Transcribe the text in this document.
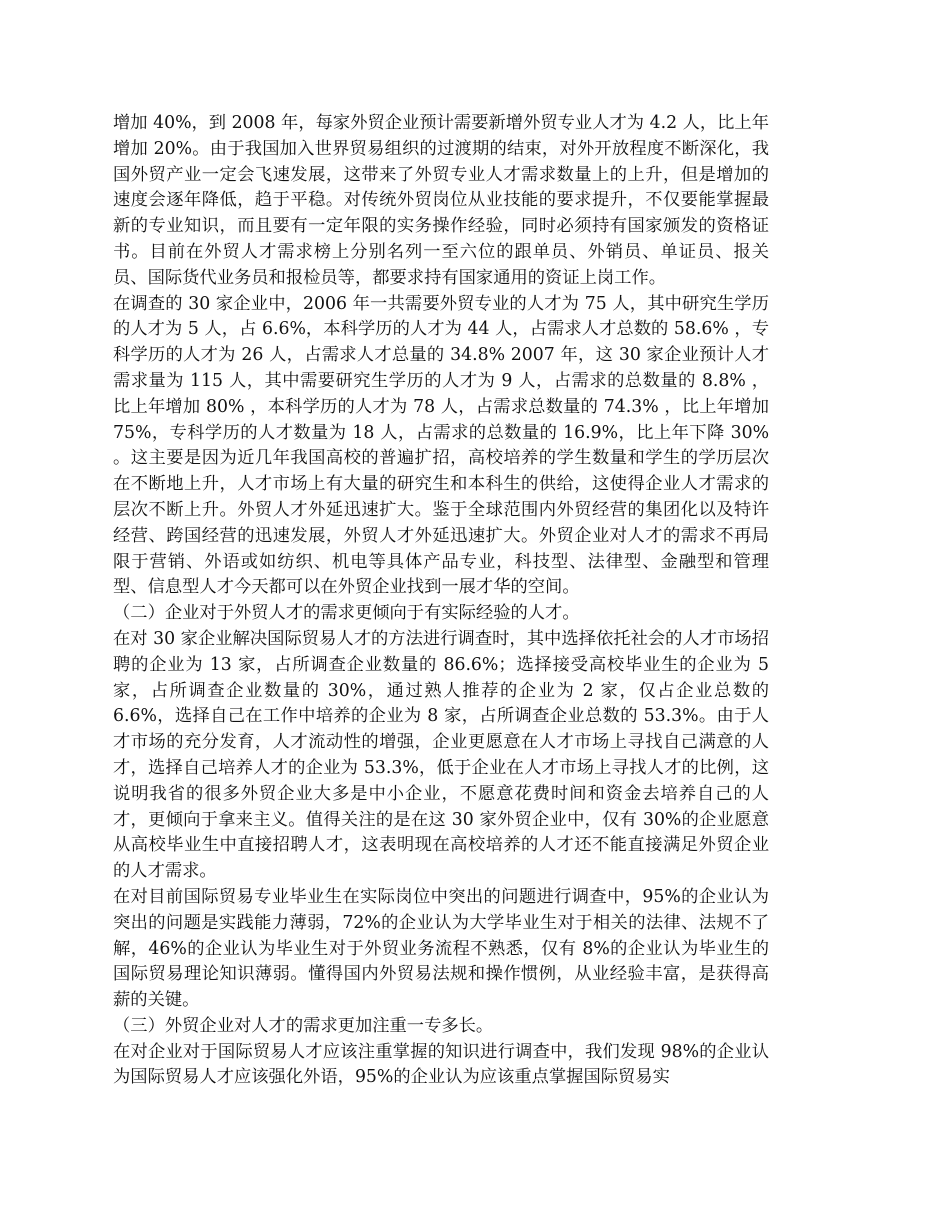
增加 40%，到 2008 年，每家外贸企业预计需要新增外贸专业人才为 4.2 人，比上年增加 20%。由于我国加入世界贸易组织的过渡期的结束，对外开放程度不断深化，我国外贸产业一定会飞速发展，这带来了外贸专业人才需求数量上的上升，但是增加的速度会逐年降低，趋于平稳。对传统外贸岗位从业技能的要求提升，不仅要能掌握最新的专业知识，而且要有一定年限的实务操作经验，同时必须持有国家颁发的资格证书。目前在外贸人才需求榜上分别名列一至六位的跟单员、外销员、单证员、报关员、国际货代业务员和报检员等，都要求持有国家通用的资证上岗工作。

在调查的 30 家企业中，2006 年一共需要外贸专业的人才为 75 人，其中研究生学历的人才为 5 人，占 6.6%，本科学历的人才为 44 人，占需求人才总数的 58.6% ，专科学历的人才为 26 人，占需求人才总量的 34.8% 2007 年，这 30 家企业预计人才需求量为 115 人，其中需要研究生学历的人才为 9 人，占需求的总数量的 8.8% ，比上年增加 80% ，本科学历的人才为 78 人，占需求总数量的 74.3% ，比上年增加 75%，专科学历的人才数量为 18 人，占需求的总数量的 16.9%，比上年下降 30% 。这主要是因为近几年我国高校的普遍扩招，高校培养的学生数量和学生的学历层次在不断地上升，人才市场上有大量的研究生和本科生的供给，这使得企业人才需求的层次不断上升。外贸人才外延迅速扩大。鉴于全球范围内外贸经营的集团化以及特许经营、跨国经营的迅速发展，外贸人才外延迅速扩大。外贸企业对人才的需求不再局限于营销、外语或如纺织、机电等具体产品专业，科技型、法律型、金融型和管理型、信息型人才今天都可以在外贸企业找到一展才华的空间。

（二）企业对于外贸人才的需求更倾向于有实际经验的人才。

在对 30 家企业解决国际贸易人才的方法进行调查时，其中选择依托社会的人才市场招聘的企业为 13 家，占所调查企业数量的 86.6%；选择接受高校毕业生的企业为 5 家，占所调查企业数量的 30%，通过熟人推荐的企业为 2 家，仅占企业总数的 6.6%，选择自己在工作中培养的企业为 8 家，占所调查企业总数的 53.3%。由于人才市场的充分发育，人才流动性的增强，企业更愿意在人才市场上寻找自己满意的人才，选择自己培养人才的企业为 53.3%，低于企业在人才市场上寻找人才的比例，这说明我省的很多外贸企业大多是中小企业，不愿意花费时间和资金去培养自己的人才，更倾向于拿来主义。值得关注的是在这 30 家外贸企业中，仅有 30%的企业愿意从高校毕业生中直接招聘人才，这表明现在高校培养的人才还不能直接满足外贸企业的人才需求。

在对目前国际贸易专业毕业生在实际岗位中突出的问题进行调查中，95%的企业认为突出的问题是实践能力薄弱，72%的企业认为大学毕业生对于相关的法律、法规不了解，46%的企业认为毕业生对于外贸业务流程不熟悉，仅有 8%的企业认为毕业生的国际贸易理论知识薄弱。懂得国内外贸易法规和操作惯例，从业经验丰富，是获得高薪的关键。

（三）外贸企业对人才的需求更加注重一专多长。

在对企业对于国际贸易人才应该注重掌握的知识进行调查中，我们发现 98%的企业认为国际贸易人才应该强化外语，95%的企业认为应该重点掌握国际贸易实
